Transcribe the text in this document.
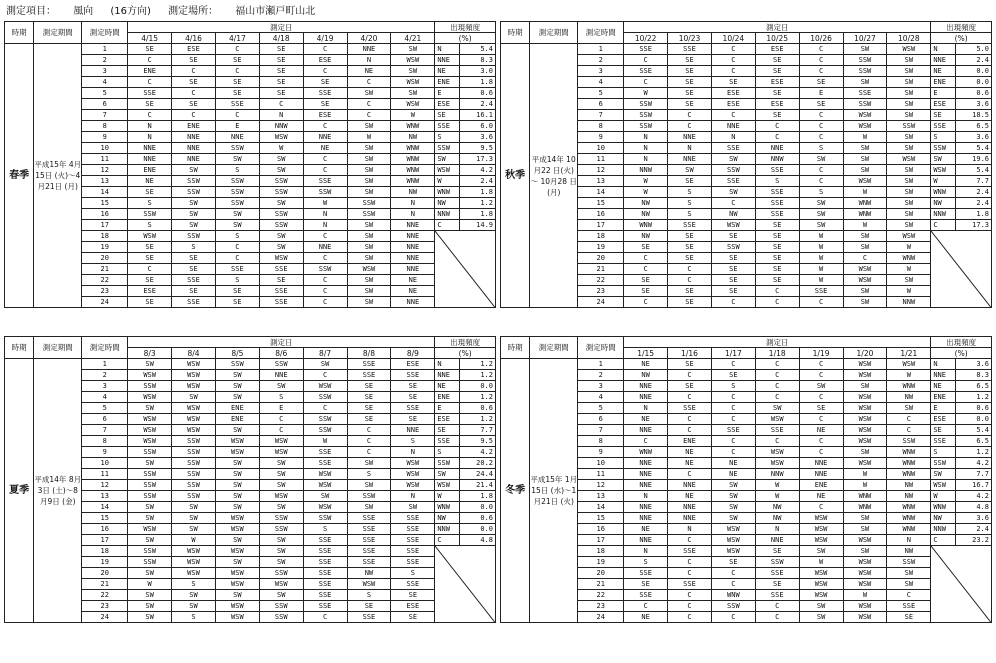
測定項目： 風向 (16方向) 測定場所： 福山市瀬戸町山北
時期	測定期間	測定時間	測定日							出現頻度	
			4/15	4/16	4/17	4/18	4/19	4/20	4/21	(%)	
春季	平成15年 4月15日 (火)～4 月21日 (月)	1	SE	ESE	C	SE	C	NNE	SW	N	5.4
		2	C	SE	SE	SE	ESE	N	WSW	NNE	8.3
		3	ENE	C	C	SE	C	NE	SW	NE	3.0
		4	C	SE	SE	SE	SE	C	WSW	ENE	1.8
		5	SSE	C	SE	SE	SSE	SW	SW	E	0.6
		6	SE	SE	SSE	C	SE	C	WSW	ESE	2.4
		7	C	C	C	N	ESE	C	W	SE	16.1
		8	N	ENE	E	NNW	C	SW	WNW	SSE	6.0
		9	N	NNE	NNE	WSW	NNE	W	NW	S	3.6
		10	NNE	NNE	SSW	W	NE	SW	WNW	SSW	9.5
		11	NNE	NNE	SW	SW	C	SW	WNW	SW	17.3
		12	ENE	SW	S	SW	C	SW	WNW	WSW	4.2
		13	NE	SSW	SSW	SSW	SSE	SW	WNW	W	2.4
		14	SE	SSW	SSW	SSW	SSW	SW	NW	WNW	1.8
		15	S	SW	SSW	SW	W	SSW	N	NW	1.2
		16	SSW	SW	SW	SSW	N	SSW	N	NNW	1.8
		17	S	SW	SW	SSW	N	SW	NNE	C	14.9
		18	WSW	SSW	S	SW	C	SW	NNE	

		19	SE	S	C	SW	NNE	SW	NNE		
		20	SE	SE	C	WSW	C	SW	NNE		
		21	C	SE	SSE	SSE	SSW	WSW	NNE		
		22	SE	SSE	S	SE	C	SW	NE		
		23	ESE	SE	SE	SSE	C	SW	NE		
		24	SE	SSE	SE	SSE	C	SW	NNE		
時期	測定期間	測定時間	測定日							出現頻度	
			10/22	10/23	10/24	10/25	10/26	10/27	10/28	(%)	
秋季	平成14年 10月22 日(火)～ 10月28 日(月)	1	SSE	SSE	C	ESE	C	SW	WSW	N	5.0
		2	C	SE	C	SE	C	SSW	SW	NNE	2.4
		3	SSE	SE	C	SE	C	SSW	SW	NE	0.0
		4	C	SE	SE	ESE	SE	SW	SW	ENE	0.0
		5	W	SE	ESE	SE	E	SSE	SW	E	0.6
		6	SSW	SE	ESE	ESE	SE	SSW	SW	ESE	3.6
		7	SSW	C	C	SE	C	WSW	SW	SE	18.5
		8	SSW	C	NNE	C	C	WSW	SSW	SSE	6.5
		9	N	NNE	N	C	C	W	SW	S	3.6
		10	N	N	SSE	NNE	S	SW	SW	SSW	5.4
		11	N	NNE	SW	NNW	SW	SW	WSW	SW	19.6
		12	NNW	SW	SSW	SSE	C	SW	SW	WSW	5.4
		13	W	SE	SSE	S	C	WSW	SW	W	7.7
		14	W	S	SW	SSE	S	W	SW	WNW	2.4
		15	NW	S	C	SSE	SW	WNW	SW	NW	2.4
		16	NW	S	NW	SSE	SW	WNW	SW	NNW	1.8
		17	WNW	SSE	WSW	SE	SW	W	SW	C	17.3
		18	NW	SE	SE	SE	W	SW	WSW	

		19	SE	SE	SSW	SE	W	SW	W		
		20	C	SE	SE	SE	W	C	WNW		
		21	C	C	SE	SE	W	WSW	W		
		22	SE	C	SE	SE	W	WSW	SW		
		23	SE	SE	SE	C	SSE	SW	W		
		24	C	SE	C	C	C	SW	NNW		
時期	測定期間	測定時間	測定日							出現頻度	
			8/3	8/4	8/5	8/6	8/7	8/8	8/9	(%)	
夏季	平成14年 8月3日 (土)～8 月9日 (金)	1	SW	WSW	SSW	SSW	SW	SSE	ESE	N	1.2
		2	WSW	WSW	SW	NNE	C	SSE	SSE	NNE	1.2
		3	SSW	WSW	SW	SW	WSW	SE	SE	NE	0.0
		4	WSW	SW	SW	S	SSW	SE	SE	ENE	1.2
		5	SW	WSW	ENE	E	C	SE	SSE	E	0.6
		6	WSW	WSW	ENE	C	SSW	SE	SE	ESE	1.2
		7	WSW	WSW	SW	C	SSW	C	NNE	SE	7.7
		8	WSW	SSW	WSW	WSW	W	C	S	SSE	9.5
		9	SSW	SSW	WSW	WSW	SSE	C	N	S	4.2
		10	SW	SSW	SW	SW	SSE	SW	WSW	SSW	20.2
		11	SSW	SSW	SW	SW	WSW	S	WSW	SW	24.4
		12	SSW	SSW	SW	SW	WSW	SW	WSW	WSW	21.4
		13	SSW	SSW	SW	WSW	SW	SSW	N	W	1.8
		14	SW	SW	SW	SW	WSW	SW	SW	WNW	0.0
		15	SW	SW	WSW	SSW	SSW	SSE	SSE	NW	0.6
		16	WSW	SW	WSW	SSW	S	SSE	SSE	NNW	0.0
		17	SW	W	SW	SW	SSE	SSE	SSE	C	4.8
		18	SSW	WSW	WSW	SW	SSE	SSE	SSE	

		19	SSW	WSW	SW	SW	SSE	SSE	SSE		
		20	SW	WSW	WSW	SSW	SSE	NW	S		
		21	W	S	WSW	WSW	SSE	WSW	SSE		
		22	SW	SW	SW	SW	SSE	S	SE		
		23	SW	SW	WSW	SSW	SSE	SE	ESE		
		24	SW	S	WSW	SSW	C	SSE	SE		
時期	測定期間	測定時間	測定日							出現頻度	
			1/15	1/16	1/17	1/18	1/19	1/20	1/21	(%)	
冬季	平成15年 1月15日 (水)～1 月21日 (火)	1	NE	SE	C	C	C	WSW	WSW	N	3.6
		2	NW	C	SE	C	C	WSW	W	NNE	8.3
		3	NNE	SE	S	C	SW	SW	WNW	NE	6.5
		4	NNE	C	C	C	C	WSW	NW	ENE	1.2
		5	N	SSE	C	SW	SE	WSW	SW	E	0.6
		6	NE	C	C	WSW	C	WSW	C	ESE	0.0
		7	NNE	C	SSE	SSE	NE	WSW	C	SE	5.4
		8	C	ENE	C	C	C	WSW	SSW	SSE	6.5
		9	WNW	NE	C	WSW	C	SW	WNW	S	1.2
		10	NNE	NE	NE	WSW	NNE	WSW	WNW	SSW	4.2
		11	NNE	C	NE	NNW	NNE	W	WNW	SW	7.7
		12	NNE	NNE	SW	W	ENE	W	NW	WSW	16.7
		13	N	NE	SW	W	NE	WNW	NW	W	4.2
		14	NNE	NNE	SW	NW	C	WNW	WNW	WNW	4.8
		15	NNE	NNE	SW	NW	WSW	SW	WNW	NW	3.6
		16	NE	N	WSW	N	WSW	SW	WNW	NNW	2.4
		17	NNE	C	WSW	NNE	WSW	WSW	N	C	23.2
		18	N	SSE	WSW	SE	SW	SW	NW	

		19	S	C	SE	SSW	W	WSW	SSW		
		20	SSE	C	C	SSE	WSW	WSW	SW		
		21	SE	SSE	C	SE	WSW	WSW	SW		
		22	SSE	C	WNW	SSE	WSW	W	C		
		23	C	C	SSW	C	SW	WSW	SSE		
		24	NE	C	C	C	SW	WSW	SE		
